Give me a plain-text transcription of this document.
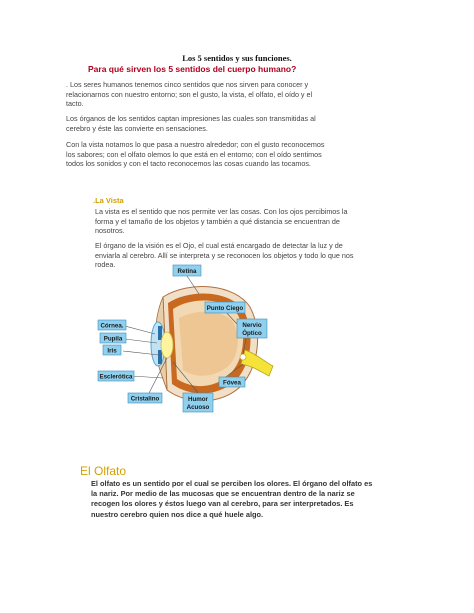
Los 5 sentidos y sus funciones.
Para qué sirven los 5 sentidos del cuerpo humano?
. Los seres humanos tenemos cinco sentidos que nos sirven para conocer y
relacionarnos con nuestro entorno; son el gusto, la vista, el olfato, el oído y el
tacto.
Los órganos de los sentidos captan impresiones las cuales son transmitidas al
cerebro y éste las convierte en sensaciones.
Con la vista notamos lo que pasa a nuestro alrededor; con el gusto reconocemos
los sabores; con el olfato olemos lo que está en el entorno; con el oído sentimos
todos los sonidos y con el tacto reconocemos las cosas cuando las tocamos.
.La Vista
La vista es el sentido que nos permite ver las cosas. Con los ojos percibimos la
forma y el tamaño de los objetos y también a qué distancia se encuentran de
nosotros.
El órgano de la visión es el Ojo, el cual está encargado de detectar la luz y de
enviarla al cerebro. Allí se interpreta y se reconocen los objetos y todo lo que nos
rodea.
Retina
Punto Ciego
Córnea.
Pupila
Iris
Nervio
Óptico
Esclerótica
Fóvea
Cristalino	Humor
Acuoso
El Olfato
El olfato es un sentido por el cual se perciben los olores. El órgano del olfato es
la nariz. Por medio de las mucosas que se encuentran dentro de la nariz se
recogen los olores y éstos luego van al cerebro, para ser interpretados. Es
nuestro cerebro quien nos dice a qué huele algo.
